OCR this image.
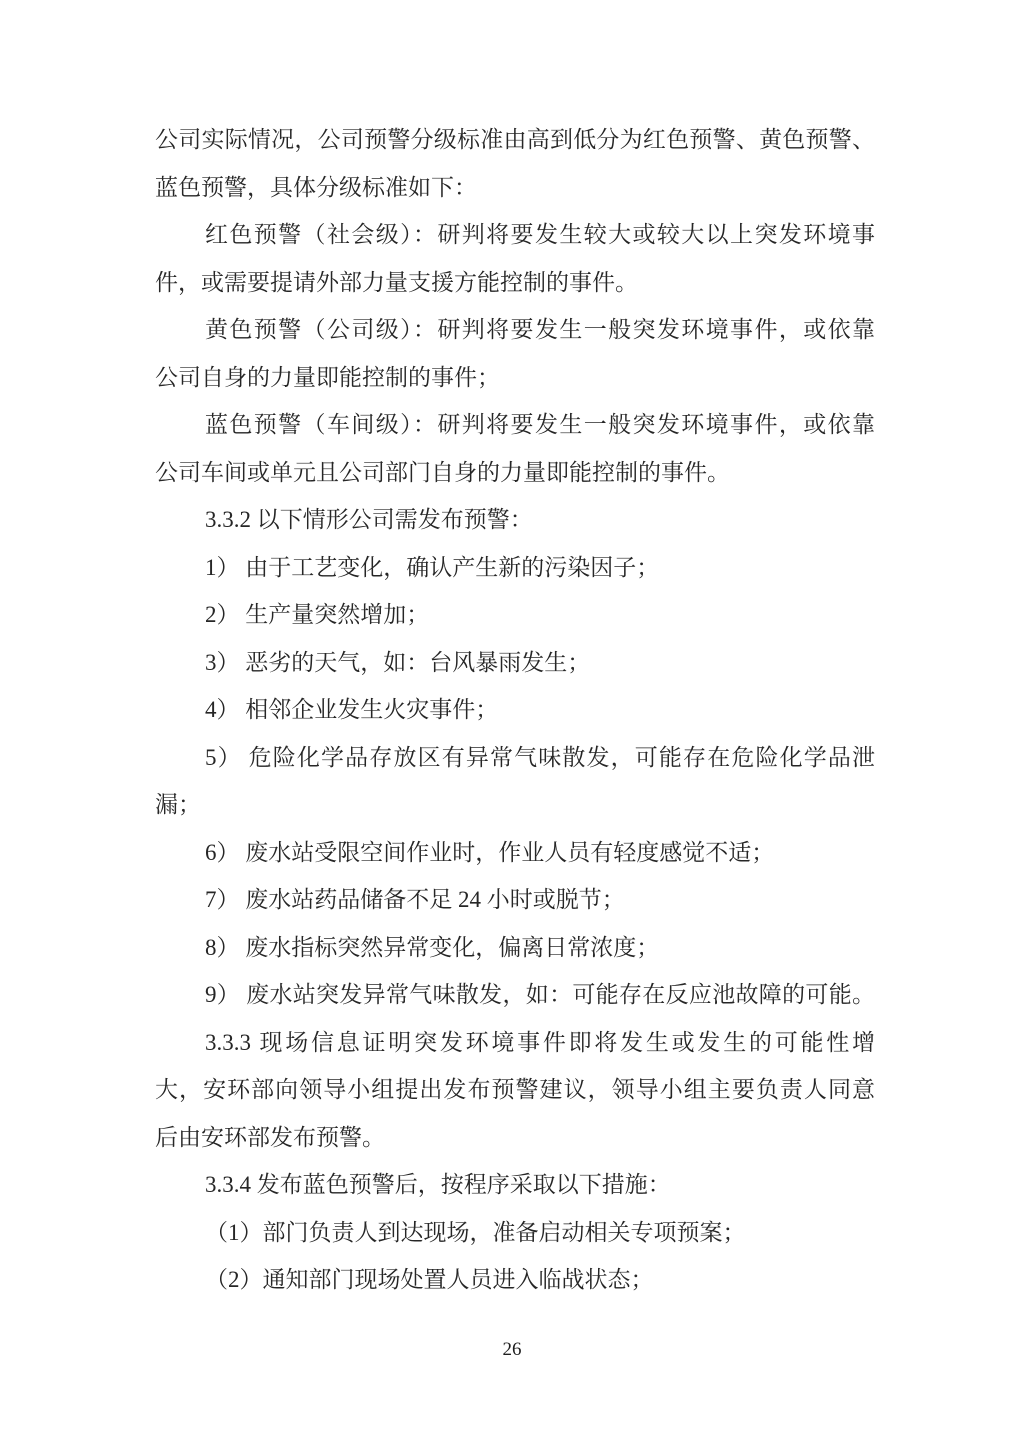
公司实际情况，公司预警分级标准由高到低分为红色预警、黄色预警、
蓝色预警，具体分级标准如下：
红色预警（社会级）：研判将要发生较大或较大以上突发环境事
件，或需要提请外部力量支援方能控制的事件。
黄色预警（公司级）：研判将要发生一般突发环境事件，或依靠
公司自身的力量即能控制的事件；
蓝色预警（车间级）：研判将要发生一般突发环境事件，或依靠
公司车间或单元且公司部门自身的力量即能控制的事件。
3.3.2 以下情形公司需发布预警：
1） 由于工艺变化，确认产生新的污染因子；
2） 生产量突然增加；
3） 恶劣的天气，如：台风暴雨发生；
4） 相邻企业发生火灾事件；
5） 危险化学品存放区有异常气味散发，可能存在危险化学品泄
漏；
6） 废水站受限空间作业时，作业人员有轻度感觉不适；
7） 废水站药品储备不足 24 小时或脱节；
8） 废水指标突然异常变化，偏离日常浓度；
9） 废水站突发异常气味散发，如：可能存在反应池故障的可能。
3.3.3 现场信息证明突发环境事件即将发生或发生的可能性增
大，安环部向领导小组提出发布预警建议，领导小组主要负责人同意
后由安环部发布预警。
3.3.4 发布蓝色预警后，按程序采取以下措施：
（1）部门负责人到达现场，准备启动相关专项预案；
（2）通知部门现场处置人员进入临战状态；
26
